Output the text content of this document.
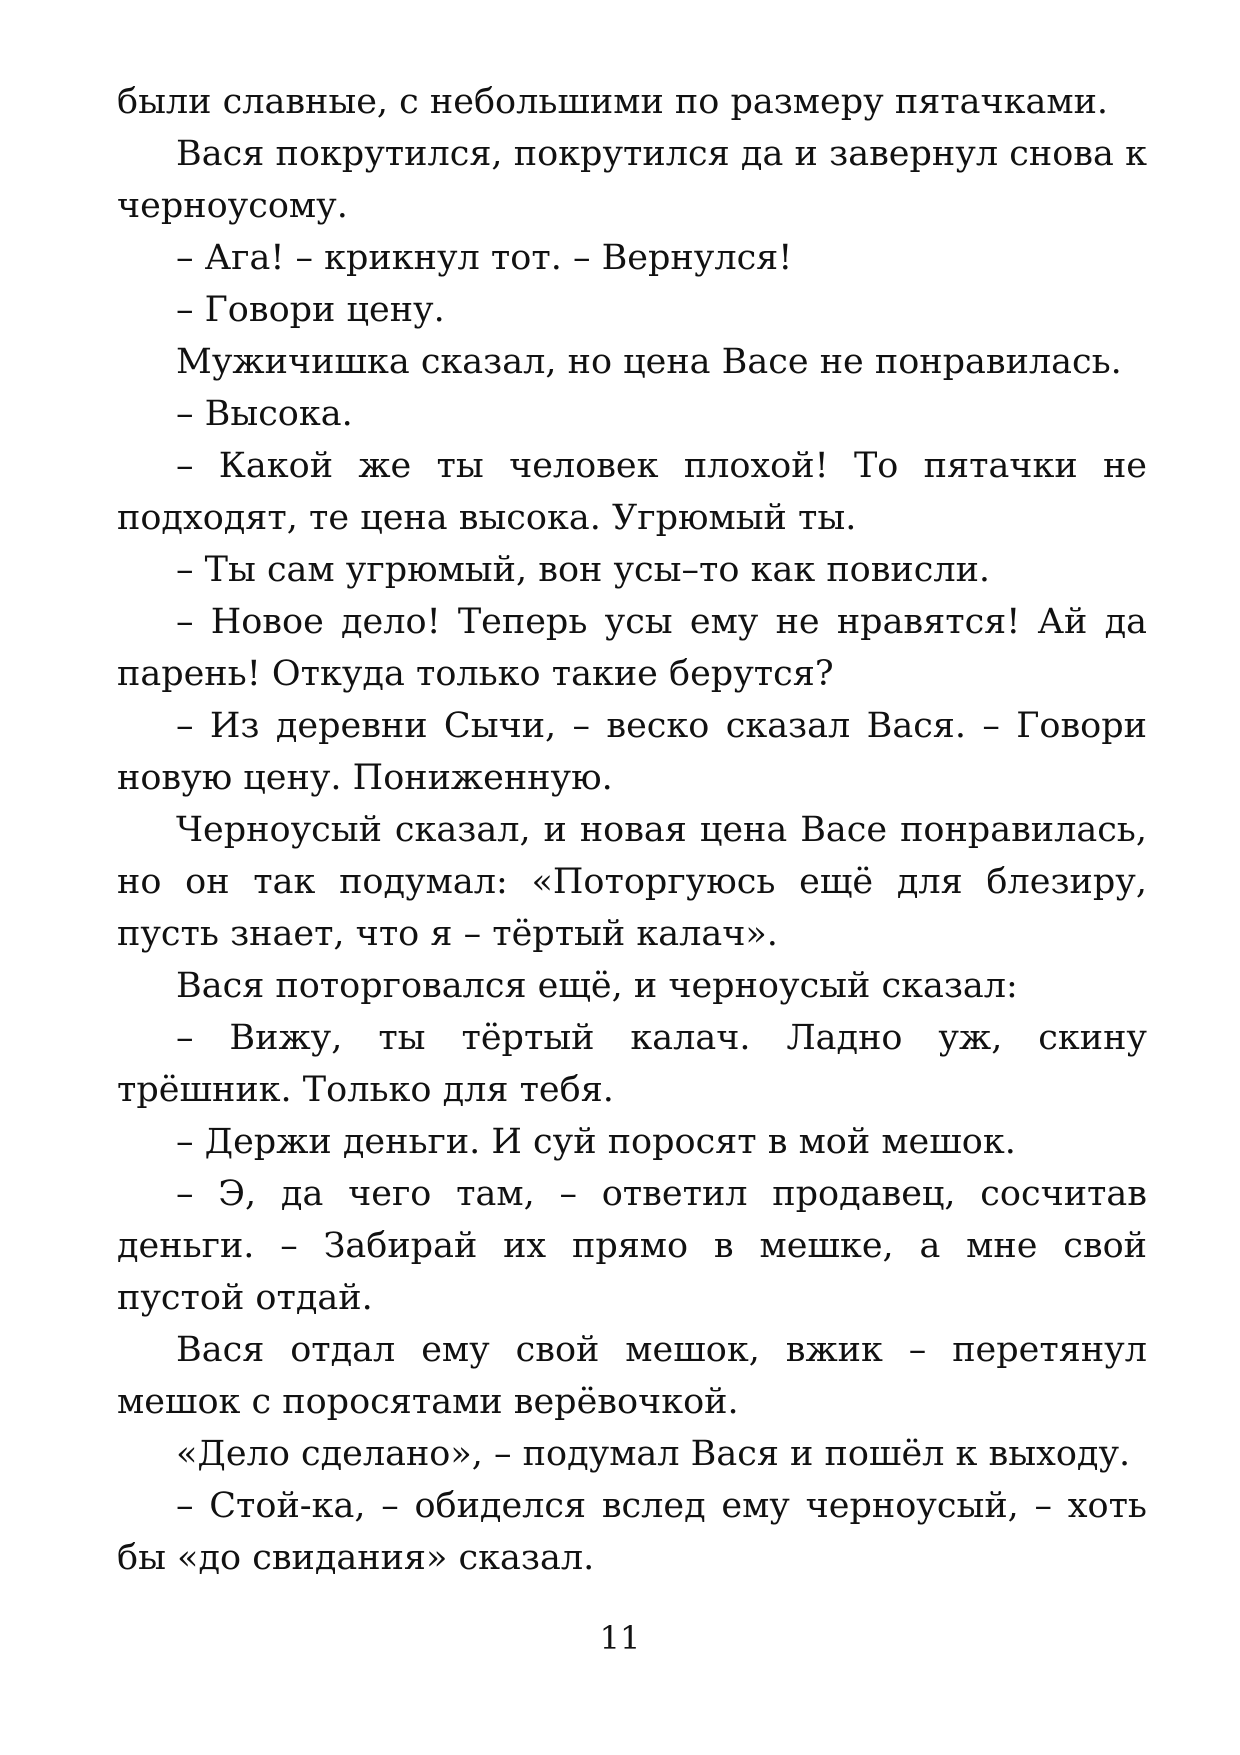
были славные, с небольшими по размеру пятачками.

Вася покрутился, покрутился да и завернул снова к черноусому.

– Ага! – крикнул тот. – Вернулся!

– Говори цену.

Мужичишка сказал, но цена Васе не понравилась.

– Высока.

– Какой же ты человек плохой! То пятачки не подходят, те цена высока. Угрюмый ты.

– Ты сам угрюмый, вон усы–то как повисли.

– Новое дело! Теперь усы ему не нравятся! Ай да парень! Откуда только такие берутся?

– Из деревни Сычи, – веско сказал Вася. – Говори новую цену. Пониженную.

Черноусый сказал, и новая цена Васе понравилась, но он так подумал: «Поторгуюсь ещё для блезиру, пусть знает, что я – тёртый калач».

Вася поторговался ещё, и черноусый сказал:

– Вижу, ты тёртый калач. Ладно уж, скину трёшник. Только для тебя.

– Держи деньги. И суй поросят в мой мешок.

– Э, да чего там, – ответил продавец, сосчитав деньги. – Забирай их прямо в мешке, а мне свой пустой отдай.

Вася отдал ему свой мешок, вжик – перетянул мешок с поросятами верёвочкой.

«Дело сделано», – подумал Вася и пошёл к выходу.

– Стой-ка, – обиделся вслед ему черноусый, – хоть бы «до свидания» сказал.

11
